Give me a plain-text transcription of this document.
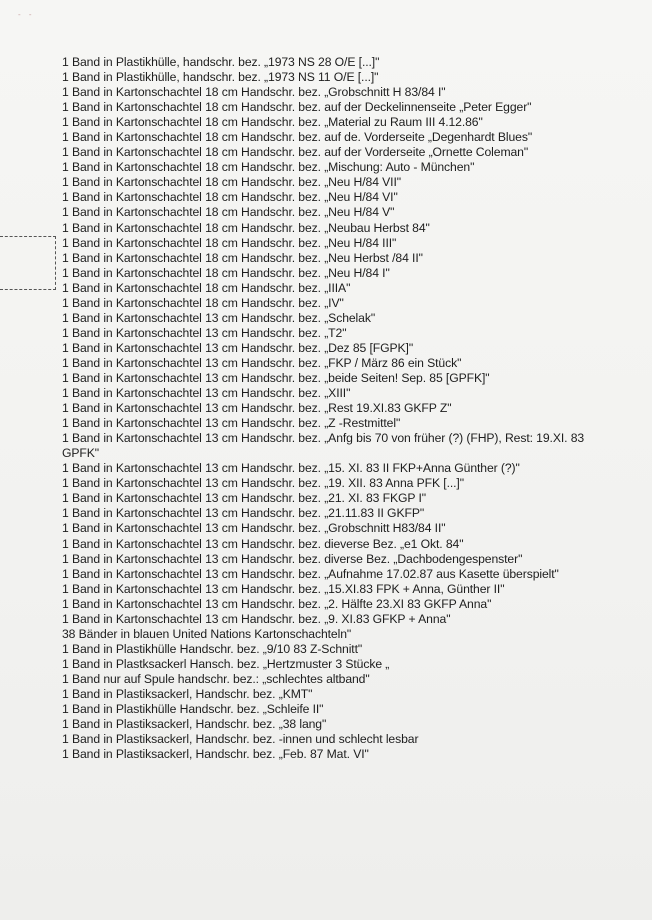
- -
1 Band in Plastikhülle, handschr. bez. „1973 NS 28 O/E [...]"
1 Band in Plastikhülle, handschr. bez. „1973 NS 11 O/E [...]"
1 Band in Kartonschachtel 18 cm Handschr. bez. „Grobschnitt H 83/84 I"
1 Band in Kartonschachtel 18 cm Handschr. bez. auf der Deckelinnenseite „Peter Egger"
1 Band in Kartonschachtel 18 cm Handschr. bez. „Material zu Raum III 4.12.86"
1 Band in Kartonschachtel 18 cm Handschr. bez. auf de. Vorderseite „Degenhardt Blues"
1 Band in Kartonschachtel 18 cm Handschr. bez. auf der Vorderseite „Ornette Coleman"
1 Band in Kartonschachtel 18 cm Handschr. bez. „Mischung: Auto - München"
1 Band in Kartonschachtel 18 cm Handschr. bez. „Neu H/84 VII"
1 Band in Kartonschachtel 18 cm Handschr. bez. „Neu H/84 VI"
1 Band in Kartonschachtel 18 cm Handschr. bez. „Neu H/84 V"
1 Band in Kartonschachtel 18 cm Handschr. bez. „Neubau Herbst 84"
1 Band in Kartonschachtel 18 cm Handschr. bez. „Neu H/84 III"
1 Band in Kartonschachtel 18 cm Handschr. bez. „Neu Herbst /84 II"
1 Band in Kartonschachtel 18 cm Handschr. bez. „Neu H/84 I"
1 Band in Kartonschachtel 18 cm Handschr. bez. „IIIA"
1 Band in Kartonschachtel 18 cm Handschr. bez. „IV"
1 Band in Kartonschachtel 13 cm Handschr. bez. „Schelak"
1 Band in Kartonschachtel 13 cm Handschr. bez. „T2"
1 Band in Kartonschachtel 13 cm Handschr. bez. „Dez 85 [FGPK]"
1 Band in Kartonschachtel 13 cm Handschr. bez. „FKP / März 86 ein Stück"
1 Band in Kartonschachtel 13 cm Handschr. bez. „beide Seiten! Sep. 85 [GPFK]"
1 Band in Kartonschachtel 13 cm Handschr. bez. „XIII"
1 Band in Kartonschachtel 13 cm Handschr. bez. „Rest 19.XI.83 GKFP Z"
1 Band in Kartonschachtel 13 cm Handschr. bez. „Z -Restmittel"
1 Band in Kartonschachtel 13 cm Handschr. bez. „Anfg bis 70 von früher (?) (FHP), Rest: 19.XI. 83 GPFK"
1 Band in Kartonschachtel 13 cm Handschr. bez. „15. XI. 83 II FKP+Anna Günther (?)"
1 Band in Kartonschachtel 13 cm Handschr. bez. „19. XII. 83 Anna PFK [...]"
1 Band in Kartonschachtel 13 cm Handschr. bez. „21. XI. 83 FKGP I"
1 Band in Kartonschachtel 13 cm Handschr. bez. „21.11.83 II GKFP"
1 Band in Kartonschachtel 13 cm Handschr. bez. „Grobschnitt H83/84 II"
1 Band in Kartonschachtel 13 cm Handschr. bez. dieverse Bez. „e1 Okt. 84"
1 Band in Kartonschachtel 13 cm Handschr. bez. diverse Bez. „Dachbodengespenster"
1 Band in Kartonschachtel 13 cm Handschr. bez. „Aufnahme 17.02.87 aus Kasette überspielt"
1 Band in Kartonschachtel 13 cm Handschr. bez. „15.XI.83 FPK + Anna, Günther II"
1 Band in Kartonschachtel 13 cm Handschr. bez. „2. Hälfte 23.XI 83 GKFP Anna"
1 Band in Kartonschachtel 13 cm Handschr. bez. „9. XI.83 GFKP + Anna"
38 Bänder in blauen United Nations Kartonschachteln"
1 Band in Plastikhülle Handschr. bez. „9/10 83 Z-Schnitt"
1 Band in Plastksackerl Hansch. bez. „Hertzmuster 3 Stücke „
1 Band nur auf Spule handschr. bez.: „schlechtes altband"
1 Band in Plastiksackerl, Handschr. bez. „KMT"
1 Band in Plastikhülle Handschr. bez. „Schleife II"
1 Band in Plastiksackerl, Handschr. bez. „38 lang"
1 Band in Plastiksackerl, Handschr. bez. -innen und schlecht lesbar
1 Band in Plastiksackerl, Handschr. bez. „Feb. 87 Mat. VI"
